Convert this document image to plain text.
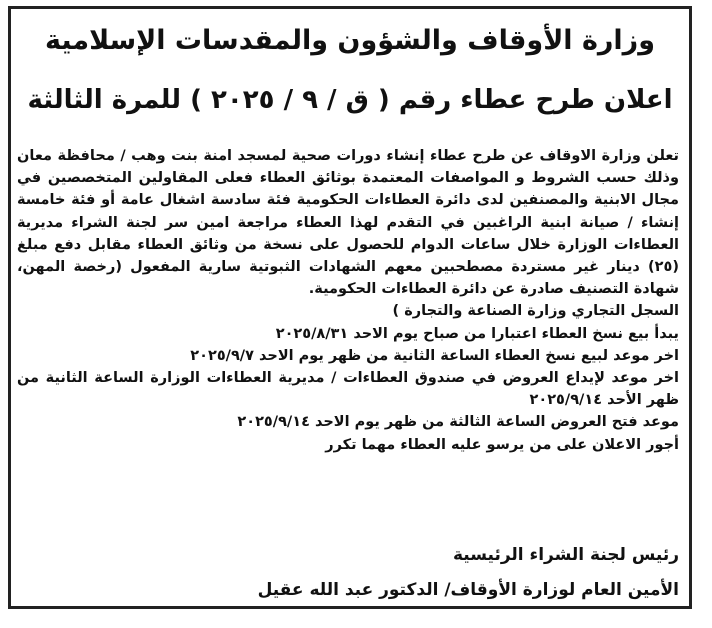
وزارة الأوقاف والشؤون والمقدسات الإسلامية
اعلان طرح عطاء رقم ( ق / ٩ / ٢٠٢٥ ) للمرة الثالثة

تعلن وزارة الاوقاف عن طرح عطاء إنشاء دورات صحية لمسجد امنة بنت وهب / محافظة معان وذلك حسب الشروط و المواصفات المعتمدة بوثائق العطاء فعلى المقاولين المتخصصين في مجال الابنية والمصنفين لدى دائرة العطاءات الحكومية فئة سادسة اشغال عامة أو فئة خامسة إنشاء / صيانة ابنية الراغبين في التقدم لهذا العطاء مراجعة امين سر لجنة الشراء مديرية العطاءات الوزارة خلال ساعات الدوام للحصول على نسخة من وثائق العطاء مقابل دفع مبلغ (٢٥) دينار غير مستردة مصطحبين معهم الشهادات الثبوتية سارية المفعول (رخصة المهن، شهادة التصنيف صادرة عن دائرة العطاءات الحكومية.

السجل التجاري وزارة الصناعة والتجارة )

يبدأ بيع نسخ العطاء اعتبارا من صباح يوم الاحد ٢٠٢٥/٨/٣١

اخر موعد لبيع نسخ العطاء الساعة الثانية من ظهر يوم الاحد ٢٠٢٥/٩/٧

اخر موعد لإيداع العروض في صندوق العطاءات / مديرية العطاءات الوزارة الساعة الثانية من ظهر الأحد ٢٠٢٥/٩/١٤

موعد فتح العروض الساعة الثالثة من ظهر يوم الاحد ٢٠٢٥/٩/١٤

أجور الاعلان على من يرسو عليه العطاء مهما تكرر

رئيس لجنة الشراء الرئيسية
الأمين العام لوزارة الأوقاف/ الدكتور عبد الله عقيل
